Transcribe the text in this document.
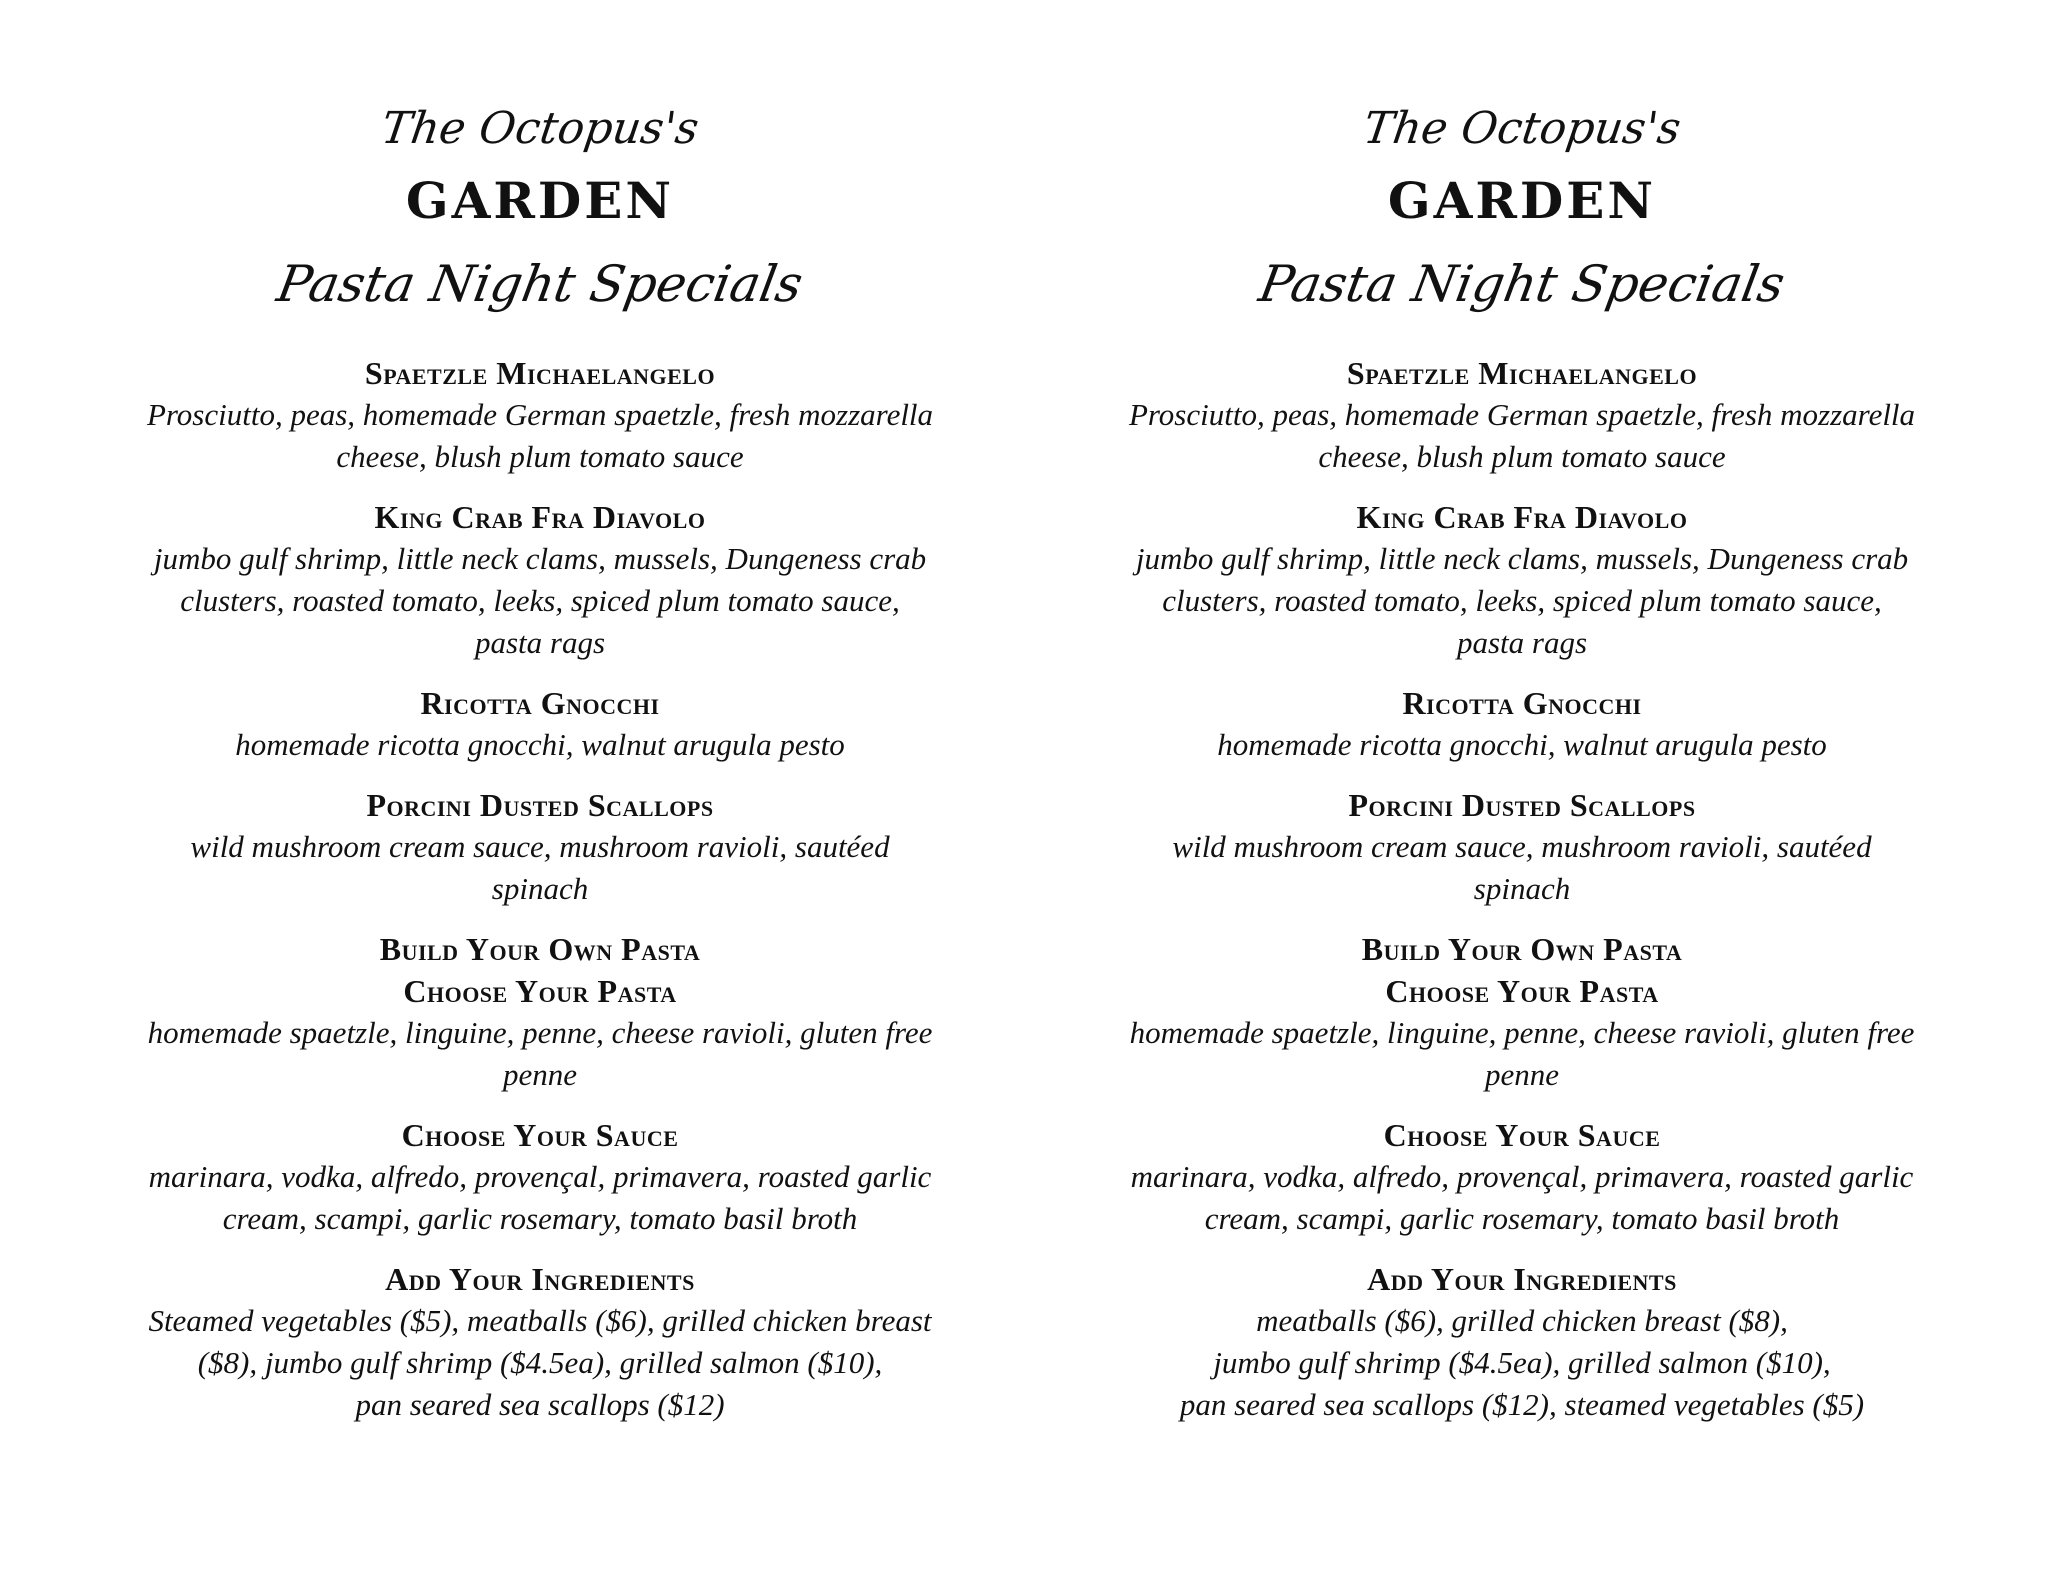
The Octopus's
GARDEN
Pasta Night Specials
Spaetzle Michaelangelo
Prosciutto, peas, homemade German spaetzle, fresh mozzarella
cheese, blush plum tomato sauce
King Crab Fra Diavolo
jumbo gulf shrimp, little neck clams, mussels, Dungeness crab
clusters, roasted tomato, leeks, spiced plum tomato sauce,
pasta rags
Ricotta Gnocchi
homemade ricotta gnocchi, walnut arugula pesto
Porcini Dusted Scallops
wild mushroom cream sauce, mushroom ravioli, sautéed
spinach
Build Your Own Pasta
Choose Your Pasta
homemade spaetzle, linguine, penne, cheese ravioli, gluten free
penne
Choose Your Sauce
marinara, vodka, alfredo, provençal, primavera, roasted garlic
cream, scampi, garlic rosemary, tomato basil broth
Add Your Ingredients
Steamed vegetables ($5), meatballs ($6), grilled chicken breast
($8), jumbo gulf shrimp ($4.5ea), grilled salmon ($10),
pan seared sea scallops ($12)
The Octopus's
GARDEN
Pasta Night Specials
Spaetzle Michaelangelo
Prosciutto, peas, homemade German spaetzle, fresh mozzarella
cheese, blush plum tomato sauce
King Crab Fra Diavolo
jumbo gulf shrimp, little neck clams, mussels, Dungeness crab
clusters, roasted tomato, leeks, spiced plum tomato sauce,
pasta rags
Ricotta Gnocchi
homemade ricotta gnocchi, walnut arugula pesto
Porcini Dusted Scallops
wild mushroom cream sauce, mushroom ravioli, sautéed
spinach
Build Your Own Pasta
Choose Your Pasta
homemade spaetzle, linguine, penne, cheese ravioli, gluten free
penne
Choose Your Sauce
marinara, vodka, alfredo, provençal, primavera, roasted garlic
cream, scampi, garlic rosemary, tomato basil broth
Add Your Ingredients
meatballs ($6), grilled chicken breast ($8),
jumbo gulf shrimp ($4.5ea), grilled salmon ($10),
pan seared sea scallops ($12), steamed vegetables ($5)
